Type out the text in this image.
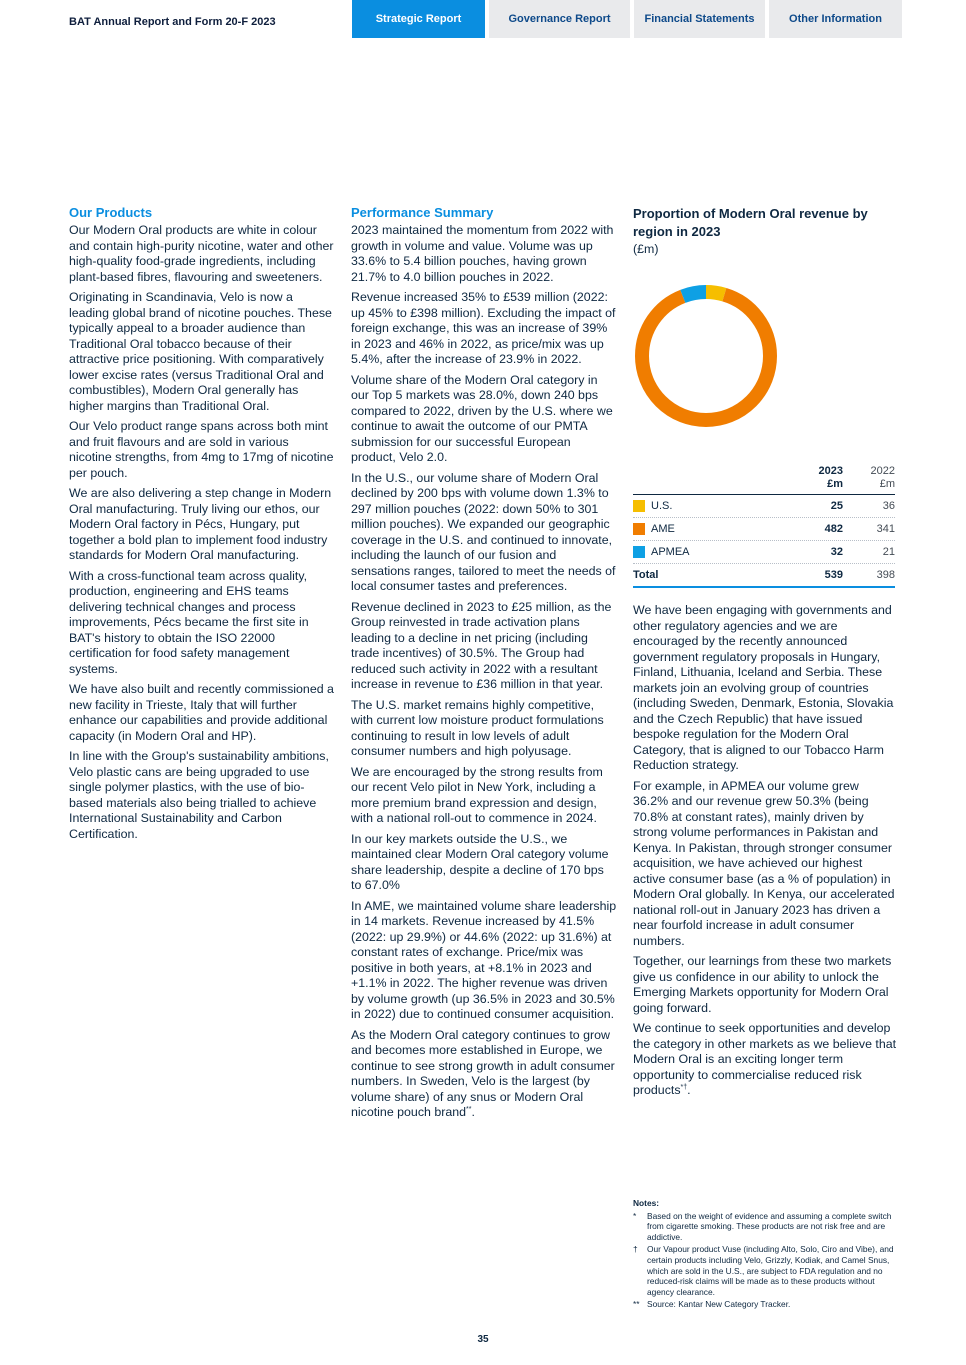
BAT Annual Report and Form 20-F 2023	Strategic Report	Governance Report	Financial Statements	Other Information
Our Products

Our Modern Oral products are white in colour and contain high-purity nicotine, water and other high-quality food-grade ingredients, including plant-based fibres, flavouring and sweeteners.

Originating in Scandinavia, Velo is now a leading global brand of nicotine pouches. These typically appeal to a broader audience than Traditional Oral tobacco because of their attractive price positioning. With comparatively lower excise rates (versus Traditional Oral and combustibles), Modern Oral generally has higher margins than Traditional Oral.

Our Velo product range spans across both mint and fruit flavours and are sold in various nicotine strengths, from 4mg to 17mg of nicotine per pouch.

We are also delivering a step change in Modern Oral manufacturing. Truly living our ethos, our Modern Oral factory in Pécs, Hungary, put together a bold plan to implement food industry standards for Modern Oral manufacturing.

With a cross-functional team across quality, production, engineering and EHS teams delivering technical changes and process improvements, Pécs became the first site in BAT's history to obtain the ISO 22000 certification for food safety management systems.

We have also built and recently commissioned a new facility in Trieste, Italy that will further enhance our capabilities and provide additional capacity (in Modern Oral and HP).

In line with the Group's sustainability ambitions, Velo plastic cans are being upgraded to use single polymer plastics, with the use of bio-based materials also being trialled to achieve International Sustainability and Carbon Certification.

Performance Summary

2023 maintained the momentum from 2022 with growth in volume and value. Volume was up 33.6% to 5.4 billion pouches, having grown 21.7% to 4.0 billion pouches in 2022.

Revenue increased 35% to £539 million (2022: up 45% to £398 million). Excluding the impact of foreign exchange, this was an increase of 39% in 2023 and 46% in 2022, as price/mix was up 5.4%, after the increase of 23.9% in 2022.

Volume share of the Modern Oral category in our Top 5 markets was 28.0%, down 240 bps compared to 2022, driven by the U.S. where we continue to await the outcome of our PMTA submission for our successful European product, Velo 2.0.

In the U.S., our volume share of Modern Oral declined by 200 bps with volume down 1.3% to 297 million pouches (2022: down 50% to 301 million pouches). We expanded our geographic coverage in the U.S. and continued to innovate, including the launch of our fusion and sensations ranges, tailored to meet the needs of local consumer tastes and preferences.

Revenue declined in 2023 to £25 million, as the Group reinvested in trade activation plans leading to a decline in net pricing (including trade incentives) of 30.5%. The Group had reduced such activity in 2022 with a resultant increase in revenue to £36 million in that year.

The U.S. market remains highly competitive, with current low moisture product formulations continuing to result in low levels of adult consumer numbers and high polyusage.

We are encouraged by the strong results from our recent Velo pilot in New York, including a more premium brand expression and design, with a national roll-out to commence in 2024.

In our key markets outside the U.S., we maintained clear Modern Oral category volume share leadership, despite a decline of 170 bps to 67.0%

In AME, we maintained volume share leadership in 14 markets. Revenue increased by 41.5% (2022: up 29.9%) or 44.6% (2022: up 31.6%) at constant rates of exchange. Price/mix was positive in both years, at +8.1% in 2023 and +1.1% in 2022. The higher revenue was driven by volume growth (up 36.5% in 2023 and 30.5% in 2022) due to continued consumer acquisition.

As the Modern Oral category continues to grow and becomes more established in Europe, we continue to see strong growth in adult consumer numbers. In Sweden, Velo is the largest (by volume share) of any snus or Modern Oral nicotine pouch brand**.

Proportion of Modern Oral revenue by region in 2023
(£m)
2023
£m
2022
£m
U.S.	25	36
AME	482	341
APMEA	32	21
Total	539	398

We have been engaging with governments and other regulatory agencies and we are encouraged by the recently announced government regulatory proposals in Hungary, Finland, Lithuania, Iceland and Serbia. These markets join an evolving group of countries (including Sweden, Denmark, Estonia, Slovakia and the Czech Republic) that have issued bespoke regulation for the Modern Oral Category, that is aligned to our Tobacco Harm Reduction strategy.

For example, in APMEA our volume grew 36.2% and our revenue grew 50.3% (being 70.8% at constant rates), mainly driven by strong volume performances in Pakistan and Kenya. In Pakistan, through stronger consumer acquisition, we have achieved our highest active consumer base (as a % of population) in Modern Oral globally. In Kenya, our accelerated national roll-out in January 2023 has driven a near fourfold increase in adult consumer numbers.

Together, our learnings from these two markets give us confidence in our ability to unlock the Emerging Markets opportunity for Modern Oral going forward.

We continue to seek opportunities and develop the category in other markets as we believe that Modern Oral is an exciting longer term opportunity to commercialise reduced risk products*†.

Notes:
*	Based on the weight of evidence and assuming a complete switch from cigarette smoking. These products are not risk free and are addictive.
†	Our Vapour product Vuse (including Alto, Solo, Ciro and Vibe), and certain products including Velo, Grizzly, Kodiak, and Camel Snus, which are sold in the U.S., are subject to FDA regulation and no reduced-risk claims will be made as to these products without agency clearance.
** Source: Kantar New Category Tracker.
35
